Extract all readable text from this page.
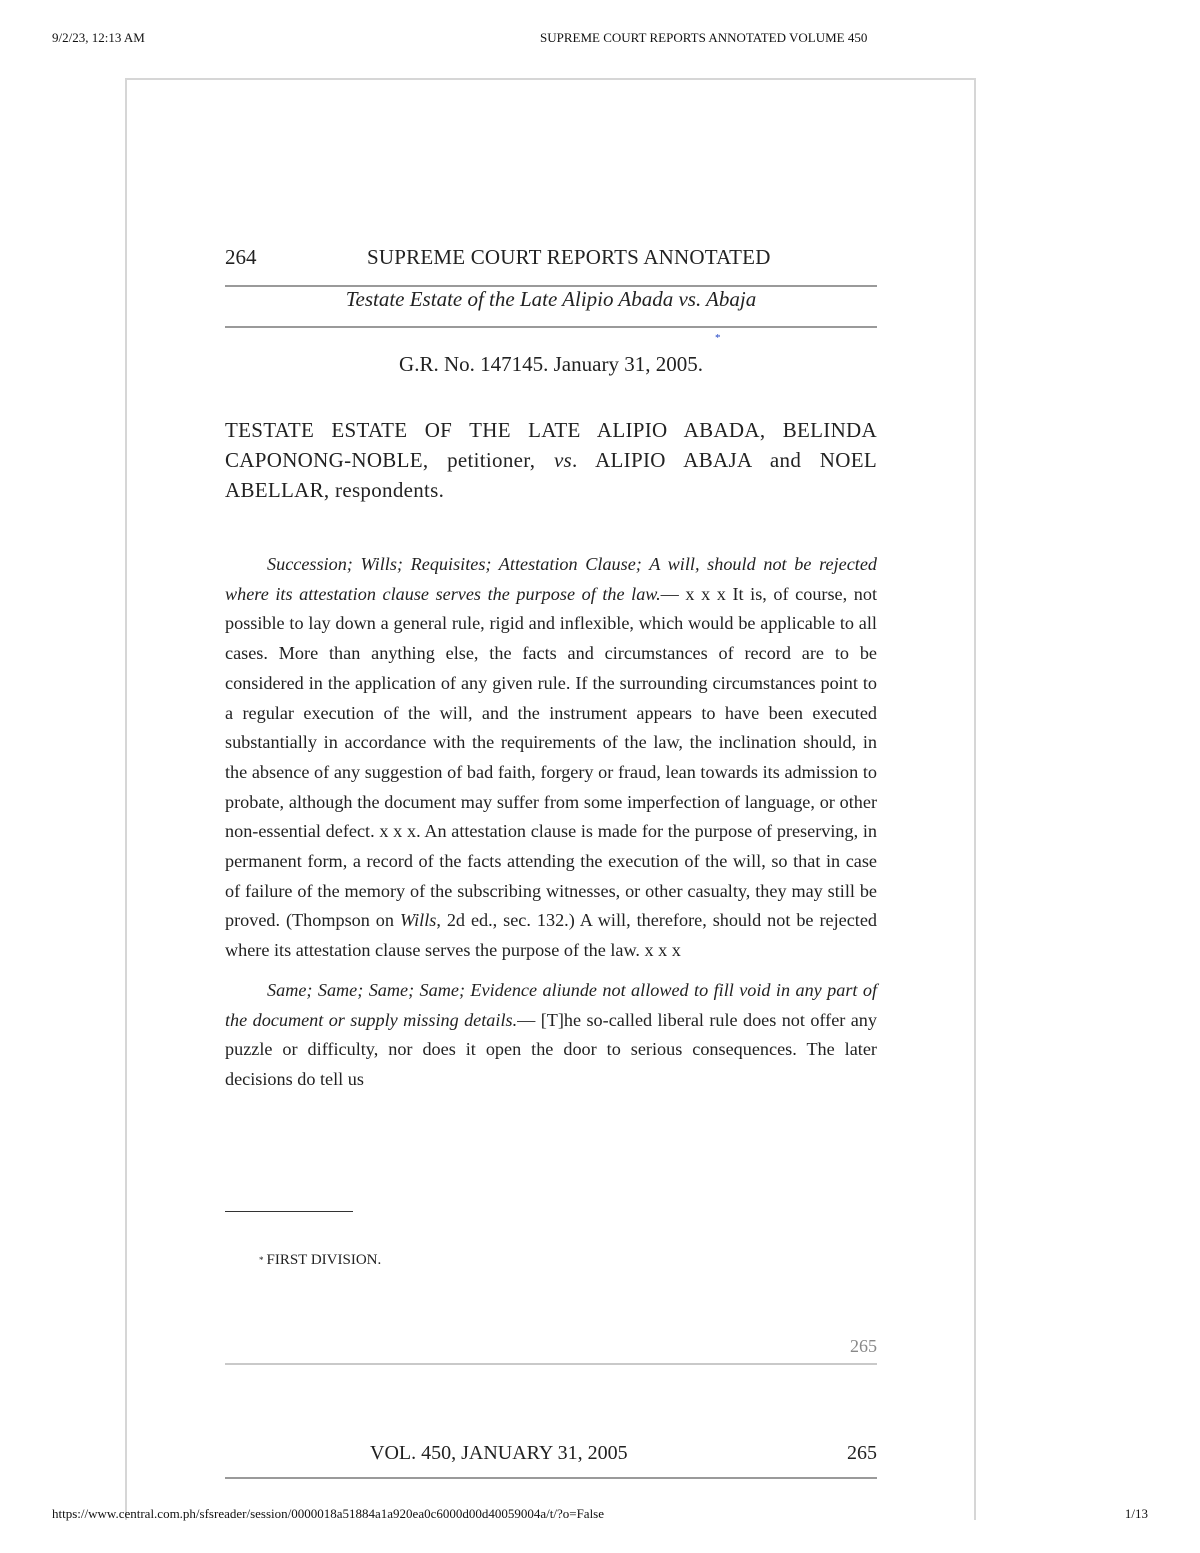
9/2/23, 12:13 AM	SUPREME COURT REPORTS ANNOTATED VOLUME 450
264	SUPREME COURT REPORTS ANNOTATED
Testate Estate of the Late Alipio Abada vs. Abaja
*
G.R. No. 147145. January 31, 2005.
TESTATE ESTATE OF THE LATE ALIPIO ABADA, BELINDA CAPONONG-NOBLE, petitioner, vs. ALIPIO ABAJA and NOEL ABELLAR, respondents.

Succession; Wills; Requisites; Attestation Clause; A will, should not be rejected where its attestation clause serves the purpose of the law.— x x x It is, of course, not possible to lay down a general rule, rigid and inflexible, which would be applicable to all cases. More than anything else, the facts and circumstances of record are to be considered in the application of any given rule. If the surrounding circumstances point to a regular execution of the will, and the instrument appears to have been executed substantially in accordance with the requirements of the law, the inclination should, in the absence of any suggestion of bad faith, forgery or fraud, lean towards its admission to probate, although the document may suffer from some imperfection of language, or other non-essential defect. x x x. An attestation clause is made for the purpose of preserving, in permanent form, a record of the facts attending the execution of the will, so that in case of failure of the memory of the subscribing witnesses, or other casualty, they may still be proved. (Thompson on Wills, 2d ed., sec. 132.) A will, therefore, should not be rejected where its attestation clause serves the purpose of the law. x x x

Same; Same; Same; Same; Evidence aliunde not allowed to fill void in any part of the document or supply missing details.— [T]he so-called liberal rule does not offer any puzzle or difficulty, nor does it open the door to serious consequences. The later decisions do tell us

* FIRST DIVISION.
265
VOL. 450, JANUARY 31, 2005	265
https://www.central.com.ph/sfsreader/session/0000018a51884a1a920ea0c6000d00d40059004a/t/?o=False	1/13
